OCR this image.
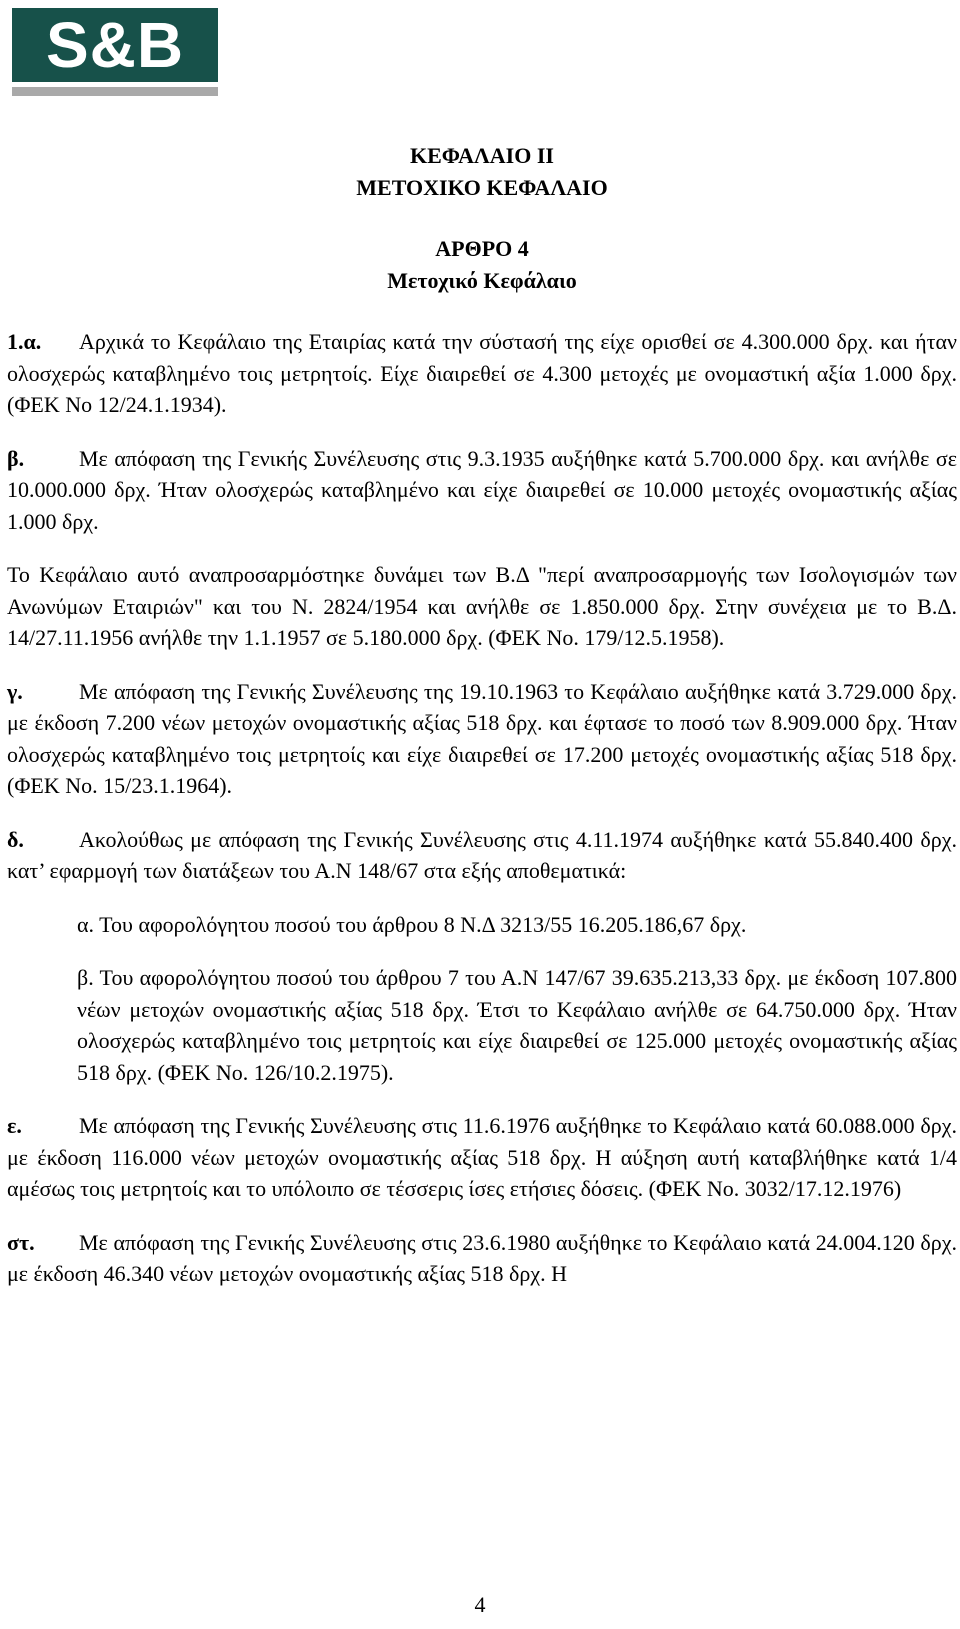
S&B
ΚΕΦΑΛΑΙΟ ΙΙ
ΜΕΤΟΧΙΚΟ ΚΕΦΑΛΑΙΟ
ΑΡΘΡΟ 4
Μετοχικό Κεφάλαιο

1.α. Αρχικά το Κεφάλαιο της Εταιρίας κατά την σύστασή της είχε ορισθεί σε 4.300.000 δρχ. και ήταν ολοσχερώς καταβλημένο τοις μετρητοίς. Είχε διαιρεθεί σε 4.300 μετοχές με ονομαστική αξία 1.000 δρχ. (ΦΕΚ Νο 12/24.1.1934).

β. Με απόφαση της Γενικής Συνέλευσης στις 9.3.1935 αυξήθηκε κατά 5.700.000 δρχ. και ανήλθε σε 10.000.000 δρχ. Ήταν ολοσχερώς καταβλημένο και είχε διαιρεθεί σε 10.000 μετοχές ονομαστικής αξίας 1.000 δρχ.

Το Κεφάλαιο αυτό αναπροσαρμόστηκε δυνάμει των Β.Δ "περί αναπροσαρμογής των Ισολογισμών των Ανωνύμων Εταιριών" και του Ν. 2824/1954 και ανήλθε σε 1.850.000 δρχ. Στην συνέχεια με το Β.Δ. 14/27.11.1956 ανήλθε την 1.1.1957 σε 5.180.000 δρχ. (ΦΕΚ Νο. 179/12.5.1958).

γ.	Με απόφαση της Γενικής Συνέλευσης της 19.10.1963 το Κεφάλαιο αυξήθηκε κατά 3.729.000 δρχ. με έκδοση 7.200 νέων μετοχών ονομαστικής αξίας 518 δρχ. και έφτασε το ποσό των 8.909.000 δρχ. Ήταν ολοσχερώς καταβλημένο τοις μετρητοίς και είχε διαιρεθεί σε 17.200 μετοχές ονομαστικής αξίας 518 δρχ. (ΦΕΚ Νο. 15/23.1.1964).

δ.	Ακολούθως με απόφαση της Γενικής Συνέλευσης στις 4.11.1974 αυξήθηκε κατά 55.840.400 δρχ. κατ’ εφαρμογή των διατάξεων του Α.Ν 148/67 στα εξής αποθεματικά:

α. Του αφορολόγητου ποσού του άρθρου 8 Ν.Δ 3213/55 16.205.186,67 δρχ.

β. Του αφορολόγητου ποσού του άρθρου 7 του Α.Ν 147/67 39.635.213,33 δρχ. με έκδοση 107.800 νέων μετοχών ονομαστικής αξίας 518 δρχ. Έτσι το Κεφάλαιο ανήλθε σε 64.750.000 δρχ. Ήταν ολοσχερώς καταβλημένο τοις μετρητοίς και είχε διαιρεθεί σε 125.000 μετοχές ονομαστικής αξίας 518 δρχ. (ΦΕΚ Νο. 126/10.2.1975).

ε.	Με απόφαση της Γενικής Συνέλευσης στις 11.6.1976 αυξήθηκε το Κεφάλαιο κατά 60.088.000 δρχ. με έκδοση 116.000 νέων μετοχών ονομαστικής αξίας 518 δρχ. Η αύξηση αυτή καταβλήθηκε κατά 1/4 αμέσως τοις μετρητοίς και το υπόλοιπο σε τέσσερις ίσες ετήσιες δόσεις. (ΦΕΚ Νο. 3032/17.12.1976)

στ. Με απόφαση της Γενικής Συνέλευσης στις 23.6.1980 αυξήθηκε το Κεφάλαιο κατά 24.004.120 δρχ. με έκδοση 46.340 νέων μετοχών ονομαστικής αξίας 518 δρχ. Η

4
